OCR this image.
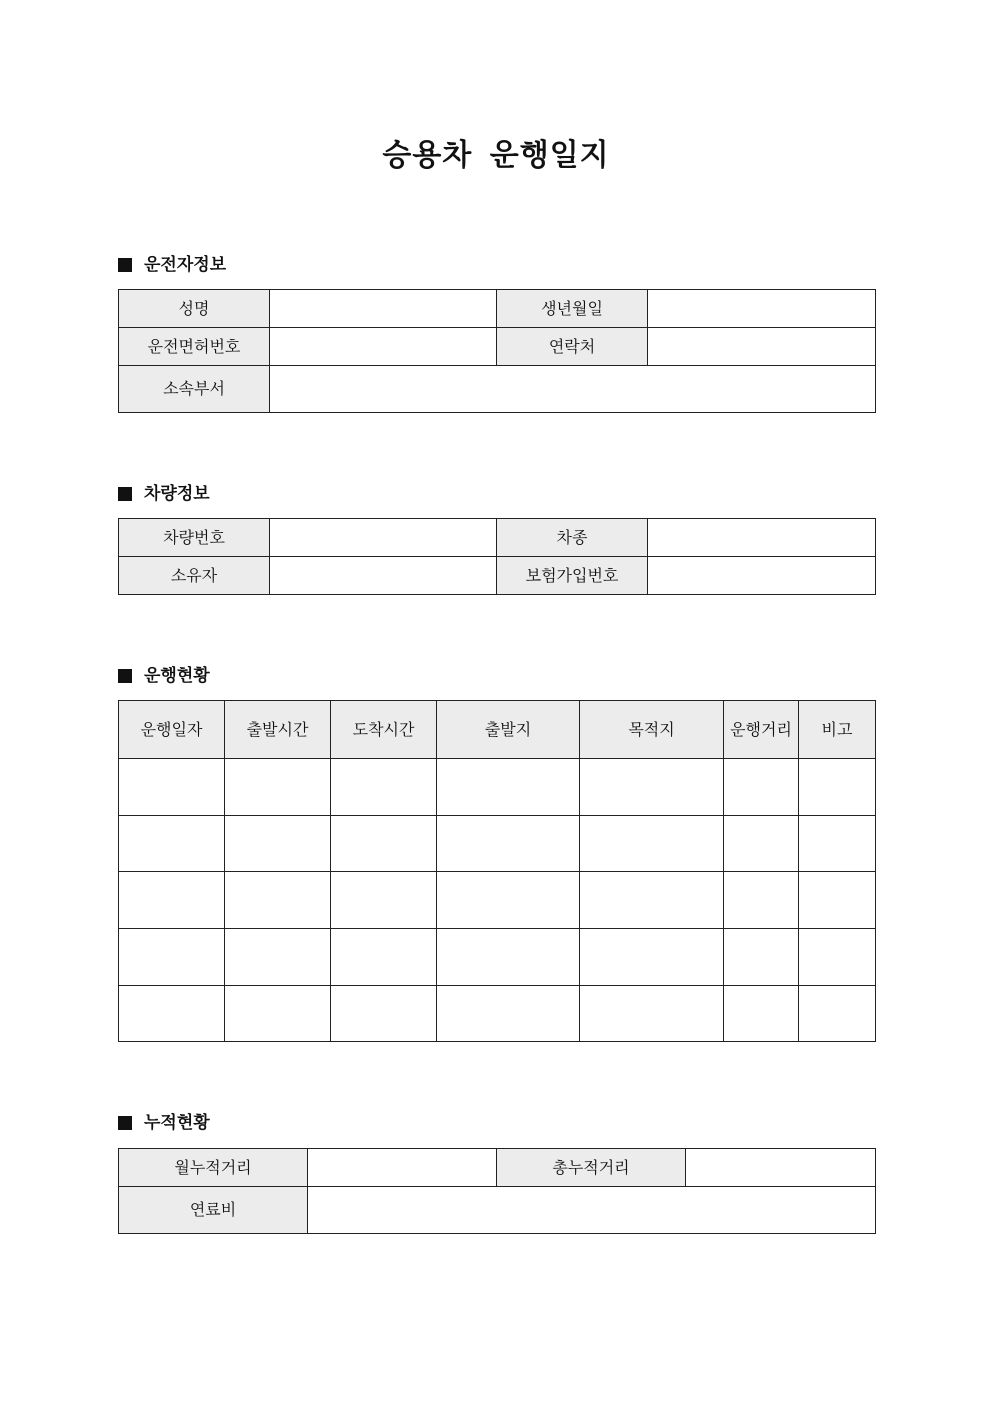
승용차 운행일지
운전자정보
성명		생년월일	
운전면허번호		연락처	
소속부서			
차량정보
차량번호		차종	
소유자		보험가입번호	
운행현황
운행일자	출발시간	도착시간	출발지	목적지	운행거리	비고

누적현황
월누적거리		총누적거리	
연료비			
